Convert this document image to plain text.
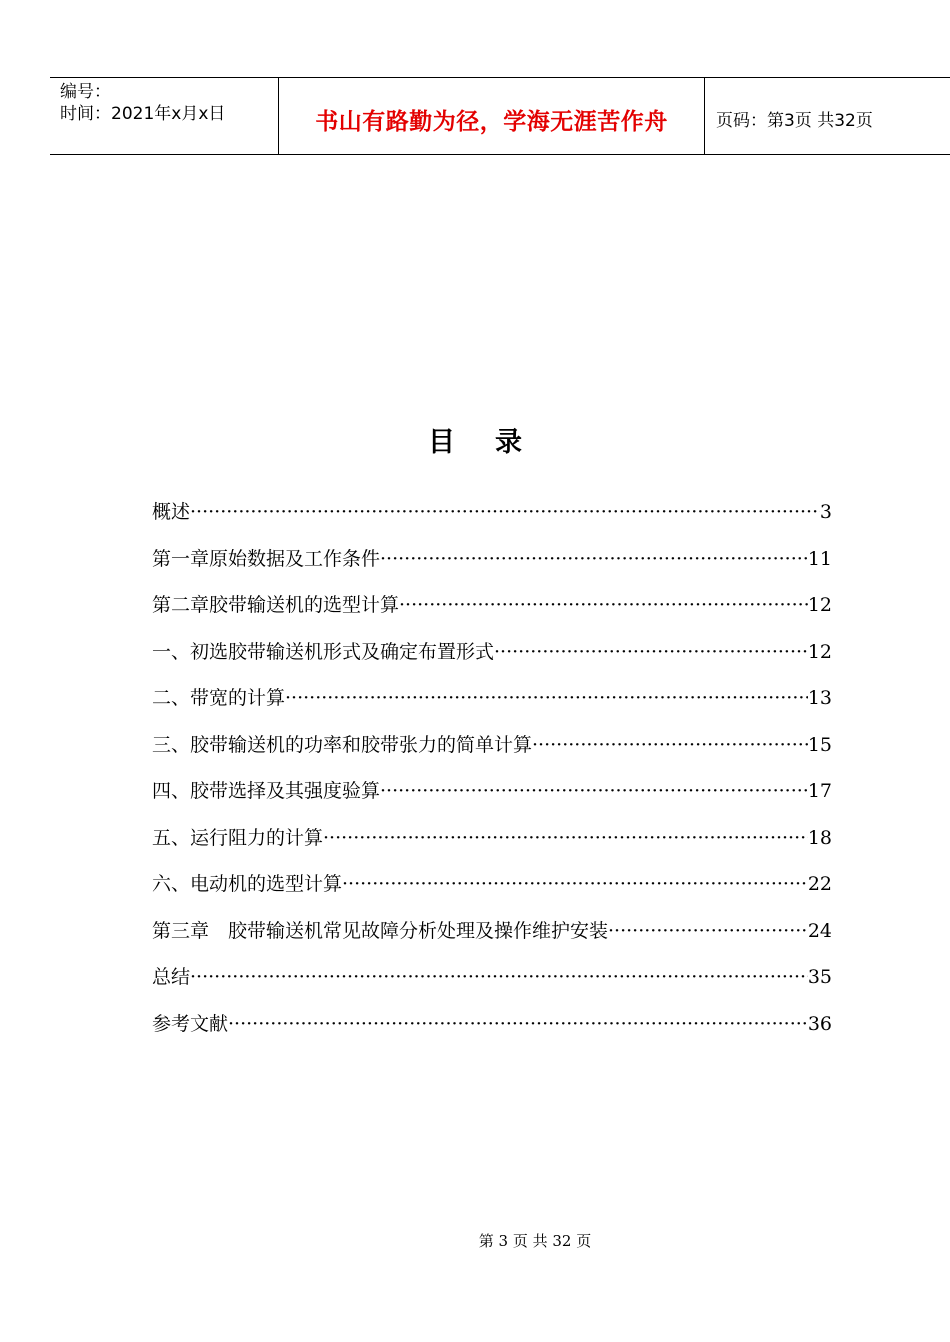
编号：
时间：2021年x月x日	书山有路勤为径，学海无涯苦作舟	页码：第3页 共32页
目录
概述 ·····	3
第一章原始数据及工作条件 ·····	11
第二章胶带输送机的选型计算 ·····	12
一、初选胶带输送机形式及确定布置形式 ·····	12
二、带宽的计算 ·····	13
三、胶带输送机的功率和胶带张力的简单计算 ·····	15
四、胶带选择及其强度验算 ·····	17
五、运行阻力的计算 ·····	18
六、电动机的选型计算 ·····	22
第三章　胶带输送机常见故障分析处理及操作维护安装 ·····	24
总结 ·····	35
参考文献 ·····	36
第 3 页 共 32 页
